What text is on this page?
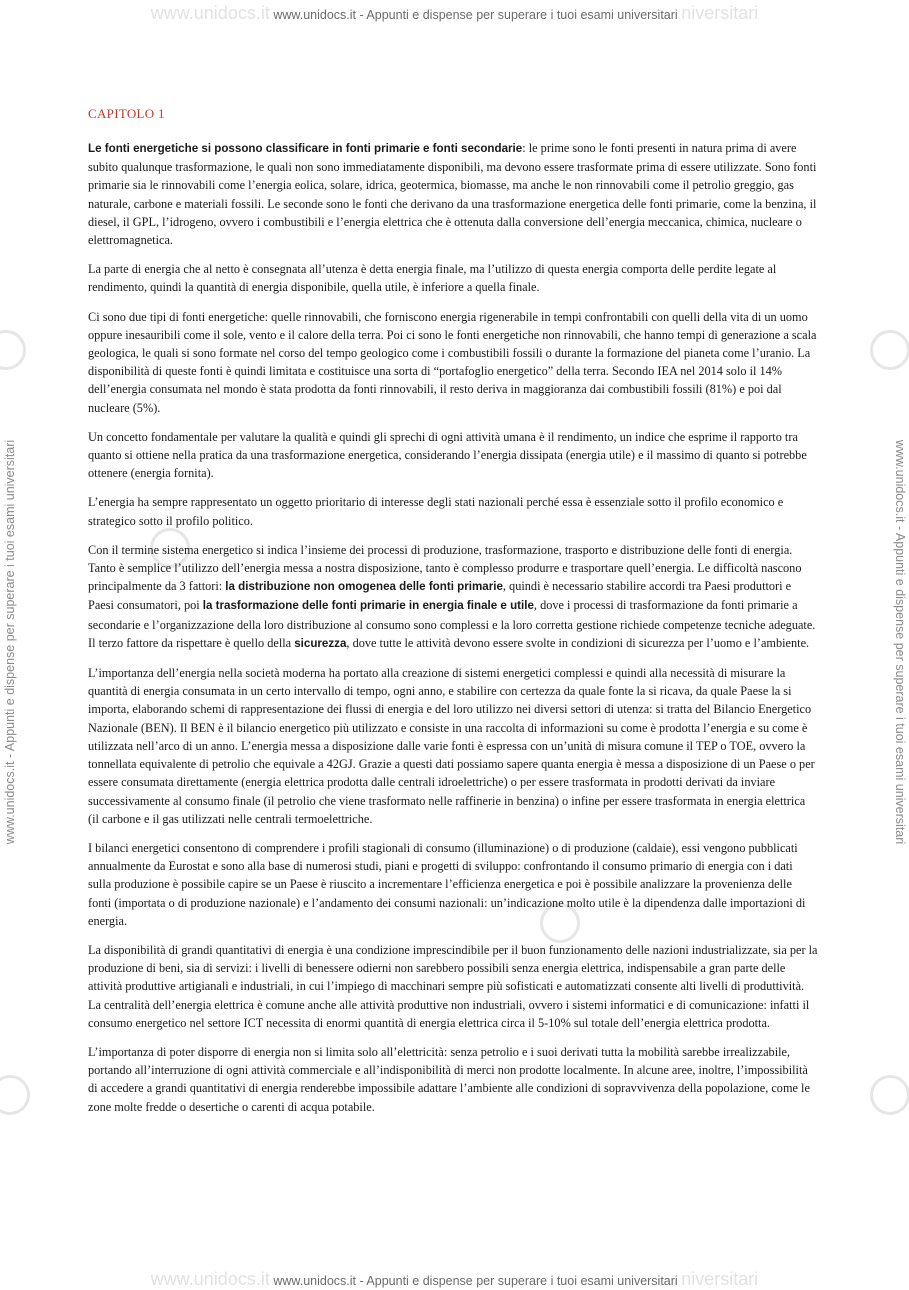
www.unidocs.it www.unidocs.it - Appunti e dispense per superare i tuoi esami universitari niversitari
www.unidocs.it www.unidocs.it - Appunti e dispense per superare i tuoi esami universitari niversitari
www.unidocs.it - Appunti e dispense per superare i tuoi esami universitari	www.unidocs.it - Appunti e dispense per superare i tuoi esami universitari
CAPITOLO 1

Le fonti energetiche si possono classificare in fonti primarie e fonti secondarie: le prime sono le fonti presenti in natura prima di avere subito qualunque trasformazione, le quali non sono immediatamente disponibili, ma devono essere trasformate prima di essere utilizzate. Sono fonti primarie sia le rinnovabili come l’energia eolica, solare, idrica, geotermica, biomasse, ma anche le non rinnovabili come il petrolio greggio, gas naturale, carbone e materiali fossili. Le seconde sono le fonti che derivano da una trasformazione energetica delle fonti primarie, come la benzina, il diesel, il GPL, l’idrogeno, ovvero i combustibili e l’energia elettrica che è ottenuta dalla conversione dell’energia meccanica, chimica, nucleare o elettromagnetica.

La parte di energia che al netto è consegnata all’utenza è detta energia finale, ma l’utilizzo di questa energia comporta delle perdite legate al rendimento, quindi la quantità di energia disponibile, quella utile, è inferiore a quella finale.

Ci sono due tipi di fonti energetiche: quelle rinnovabili, che forniscono energia rigenerabile in tempi confrontabili con quelli della vita di un uomo oppure inesauribili come il sole, vento e il calore della terra. Poi ci sono le fonti energetiche non rinnovabili, che hanno tempi di generazione a scala geologica, le quali si sono formate nel corso del tempo geologico come i combustibili fossili o durante la formazione del pianeta come l’uranio. La disponibilità di queste fonti è quindi limitata e costituisce una sorta di “portafoglio energetico” della terra. Secondo IEA nel 2014 solo il 14% dell’energia consumata nel mondo è stata prodotta da fonti rinnovabili, il resto deriva in maggioranza dai combustibili fossili (81%) e poi dal nucleare (5%).

Un concetto fondamentale per valutare la qualità e quindi gli sprechi di ogni attività umana è il rendimento, un indice che esprime il rapporto tra quanto si ottiene nella pratica da una trasformazione energetica, considerando l’energia dissipata (energia utile) e il massimo di quanto si potrebbe ottenere (energia fornita).

L’energia ha sempre rappresentato un oggetto prioritario di interesse degli stati nazionali perché essa è essenziale sotto il profilo economico e strategico sotto il profilo politico.

Con il termine sistema energetico si indica l’insieme dei processi di produzione, trasformazione, trasporto e distribuzione delle fonti di energia. Tanto è semplice l’utilizzo dell’energia messa a nostra disposizione, tanto è complesso produrre e trasportare quell’energia. Le difficoltà nascono principalmente da 3 fattori: la distribuzione non omogenea delle fonti primarie, quindi è necessario stabilire accordi tra Paesi produttori e Paesi consumatori, poi la trasformazione delle fonti primarie in energia finale e utile, dove i processi di trasformazione da fonti primarie a secondarie e l’organizzazione della loro distribuzione al consumo sono complessi e la loro corretta gestione richiede competenze tecniche adeguate. Il terzo fattore da rispettare è quello della sicurezza, dove tutte le attività devono essere svolte in condizioni di sicurezza per l’uomo e l’ambiente.

L’importanza dell’energia nella società moderna ha portato alla creazione di sistemi energetici complessi e quindi alla necessità di misurare la quantità di energia consumata in un certo intervallo di tempo, ogni anno, e stabilire con certezza da quale fonte la si ricava, da quale Paese la si importa, elaborando schemi di rappresentazione dei flussi di energia e del loro utilizzo nei diversi settori di utenza: si tratta del Bilancio Energetico Nazionale (BEN). Il BEN è il bilancio energetico più utilizzato e consiste in una raccolta di informazioni su come è prodotta l’energia e su come è utilizzata nell’arco di un anno. L’energia messa a disposizione dalle varie fonti è espressa con un’unità di misura comune il TEP o TOE, ovvero la tonnellata equivalente di petrolio che equivale a 42GJ. Grazie a questi dati possiamo sapere quanta energia è messa a disposizione di un Paese o per essere consumata direttamente (energia elettrica prodotta dalle centrali idroelettriche) o per essere trasformata in prodotti derivati da inviare successivamente al consumo finale (il petrolio che viene trasformato nelle raffinerie in benzina) o infine per essere trasformata in energia elettrica (il carbone e il gas utilizzati nelle centrali termoelettriche.

I bilanci energetici consentono di comprendere i profili stagionali di consumo (illuminazione) o di produzione (caldaie), essi vengono pubblicati annualmente da Eurostat e sono alla base di numerosi studi, piani e progetti di sviluppo: confrontando il consumo primario di energia con i dati sulla produzione è possibile capire se un Paese è riuscito a incrementare l’efficienza energetica e poi è possibile analizzare la provenienza delle fonti (importata o di produzione nazionale) e l’andamento dei consumi nazionali: un’indicazione molto utile è la dipendenza dalle importazioni di energia.

La disponibilità di grandi quantitativi di energia è una condizione imprescindibile per il buon funzionamento delle nazioni industrializzate, sia per la produzione di beni, sia di servizi: i livelli di benessere odierni non sarebbero possibili senza energia elettrica, indispensabile a gran parte delle attività produttive artigianali e industriali, in cui l’impiego di macchinari sempre più sofisticati e automatizzati consente alti livelli di produttività. La centralità dell’energia elettrica è comune anche alle attività produttive non industriali, ovvero i sistemi informatici e di comunicazione: infatti il consumo energetico nel settore ICT necessita di enormi quantità di energia elettrica circa il 5-10% sul totale dell’energia elettrica prodotta.

L’importanza di poter disporre di energia non si limita solo all’elettricità: senza petrolio e i suoi derivati tutta la mobilità sarebbe irrealizzabile, portando all’interruzione di ogni attività commerciale e all’indisponibilità di merci non prodotte localmente. In alcune aree, inoltre, l’impossibilità di accedere a grandi quantitativi di energia renderebbe impossibile adattare l’ambiente alle condizioni di sopravvivenza della popolazione, come le zone molte fredde o desertiche o carenti di acqua potabile.
